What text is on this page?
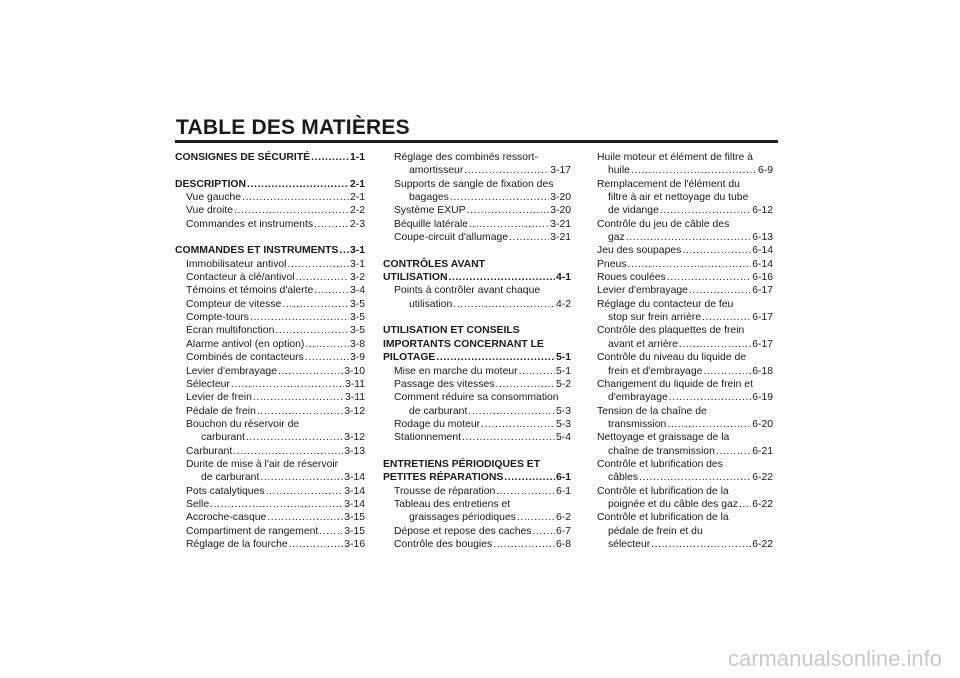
TABLE DES MATIÈRES
CONSIGNES DE SÉCURITÉ .....	1-1
DESCRIPTION .....	2-1
Vue gauche .....	2-1
Vue droite .....	2-2
Commandes et instruments .....	2-3
COMMANDES ET INSTRUMENTS ..... 3-1
Immobilisateur antivol .....	3-1
Contacteur à clé/antivol .....	3-2
Témoins et témoins d'alerte .....	3-4
Compteur de vitesse .....	3-5
Compte-tours .....	3-5
Écran multifonction .....	3-5
Alarme antivol (en option) .....	3-8
Combinés de contacteurs .....	3-9
Levier d'embrayage .....	3-10
Sélecteur .....	3-11
Levier de frein .....	3-11
Pédale de frein .....	3-12
Bouchon du réservoir de
carburant .....	3-12
Carburant .....	3-13
Durite de mise à l'air de réservoir
de carburant .....	3-14
Pots catalytiques .....	3-14
Selle .....	3-14
Accroche-casque .....	3-15
Compartiment de rangement ..... 3-15
Réglage de la fourche .....	3-16
Réglage des combinés ressort-
amortisseur .....	3-17
Supports de sangle de fixation des
bagages .....	3-20
Système EXUP .....	3-20
Béquille latérale .....	3-21
Coupe-circuit d'allumage .....	3-21
CONTRÔLES AVANT
UTILISATION .....	4-1
Points à contrôler avant chaque
utilisation .....	4-2
UTILISATION ET CONSEILS
IMPORTANTS CONCERNANT LE
PILOTAGE .....	5-1
Mise en marche du moteur .....	5-1
Passage des vitesses .....	5-2
Comment réduire sa consommation
de carburant .....	5-3
Rodage du moteur .....	5-3
Stationnement .....	5-4
ENTRETIENS PÉRIODIQUES ET
PETITES RÉPARATIONS .....	6-1
Trousse de réparation .....	6-1
Tableau des entretiens et
graissages périodiques .....	6-2
Dépose et repose des caches ..... 6-7
Contrôle des bougies .....	6-8
Huile moteur et élément de filtre à
huile .....	6-9
Remplacement de l'élément du
filtre à air et nettoyage du tube
de vidange .....	6-12
Contrôle du jeu de câble des
gaz .....	6-13
Jeu des soupapes .....	6-14
Pneus .....	6-14
Roues coulées .....	6-16
Levier d'embrayage .....	6-17
Réglage du contacteur de feu
stop sur frein arrière .....	6-17
Contrôle des plaquettes de frein
avant et arrière .....	6-17
Contrôle du niveau du liquide de
frein et d'embrayage .....	6-18
Changement du liquide de frein et
d'embrayage .....	6-19
Tension de la chaîne de
transmission .....	6-20
Nettoyage et graissage de la
chaîne de transmission .....	6-21
Contrôle et lubrification des
câbles .....	6-22
Contrôle et lubrification de la
poignée et du câble des gaz ..... 6-22
Contrôle et lubrification de la
pédale de frein et du
sélecteur .....	6-22
carmanualsonline.info
